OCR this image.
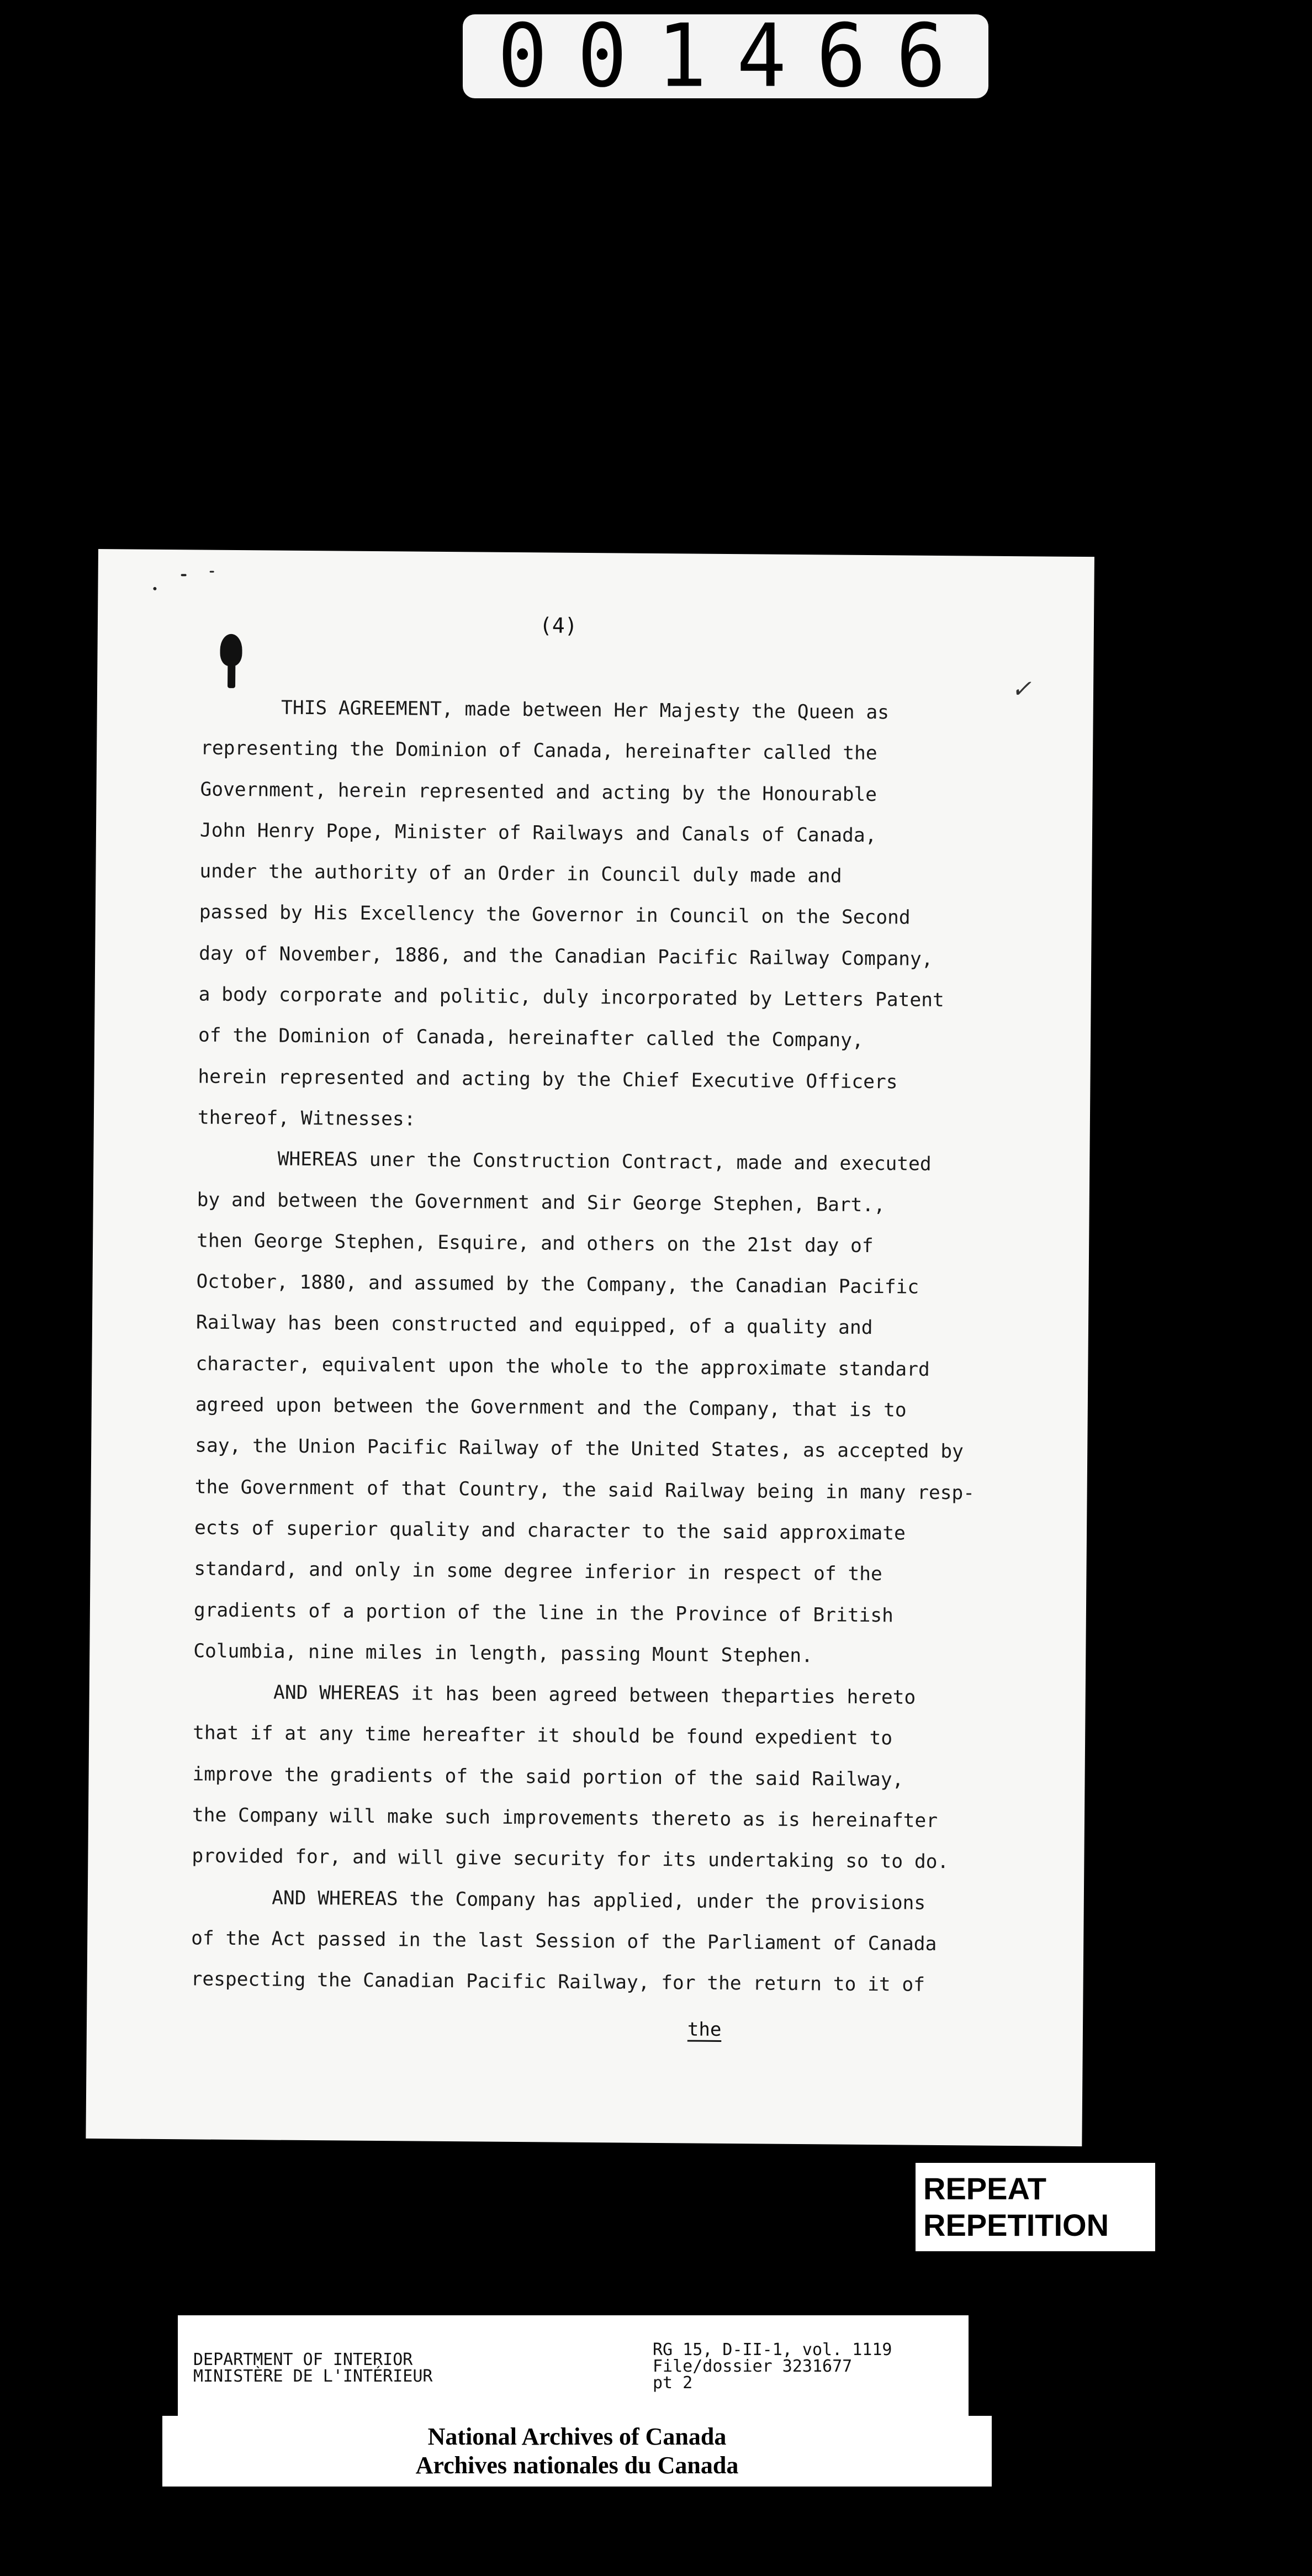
001466
✓
(4)
THIS AGREEMENT, made between Her Majesty the Queen as
representing the Dominion of Canada, hereinafter called the
Government, herein represented and acting by the Honourable
John Henry Pope, Minister of Railways and Canals of Canada,
under the authority of an Order in Council duly made and
passed by His Excellency the Governor in Council on the Second
day of November, 1886, and the Canadian Pacific Railway Company,
a body corporate and politic, duly incorporated by Letters Patent
of the Dominion of Canada, hereinafter called the Company,
herein represented and acting by the Chief Executive Officers
thereof, Witnesses:
WHEREAS uner the Construction Contract, made and executed
by and between the Government and Sir George Stephen, Bart.,
then George Stephen, Esquire, and others on the 21st day of
October, 1880, and assumed by the Company, the Canadian Pacific
Railway has been constructed and equipped, of a quality and
character, equivalent upon the whole to the approximate standard
agreed upon between the Government and the Company, that is to
say, the Union Pacific Railway of the United States, as accepted by
the Government of that Country, the said Railway being in many resp-
ects of superior quality and character to the said approximate
standard, and only in some degree inferior in respect of the
gradients of a portion of the line in the Province of British
Columbia, nine miles in length, passing Mount Stephen.
AND WHEREAS it has been agreed between theparties hereto
that if at any time hereafter it should be found expedient to
improve the gradients of the said portion of the said Railway,
the Company will make such improvements thereto as is hereinafter
provided for, and will give security for its undertaking so to do.
AND WHEREAS the Company has applied, under the provisions
of the Act passed in the last Session of the Parliament of Canada
respecting the Canadian Pacific Railway, for the return to it of
the
REPEAT
REPETITION
DEPARTMENT OF INTERIOR
MINISTÈRE DE L'INTÉRIEUR
RG 15, D-II-1, vol. 1119
File/dossier 3231677
pt 2
National Archives of Canada
Archives nationales du Canada
